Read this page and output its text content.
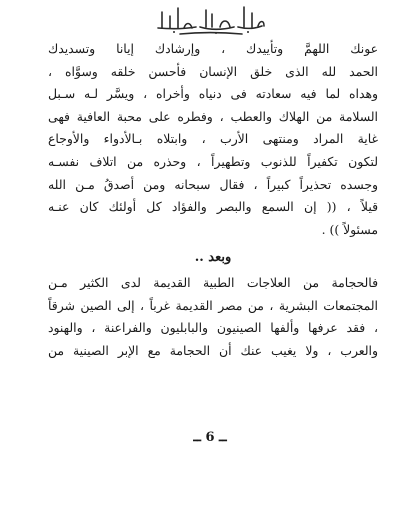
عونك اللهمَّ وتأييدك ، وإرشادك إيانا وتسديدك
الحمد لله الذى خلق الإنسان فأحسن خلقه وسوَّاه ،
وهداه لما فيه سعادته فى دنياه وأخراه ، ويسَّر لـه سـبل
السلامة من الهلاك والعطب ، وفطره على محبة العافية فهى
غاية المراد ومنتهى الأرب ، وابتلاه بـالأدواء والأوجاع
لتكون تكفيراً للذنوب وتطهيراً ، وحذره من اتلاف نفسـه
وجسده تحذيراً كبيراً ، فقال سبحانه ومن أصدقُ مـن الله
قيلاً ، (( إن السمع والبصر والفؤاد كل أولئك كان عنـه
مسئولاً )) .
وبعد ..
فالحجامة من العلاجات الطبية القديمة لدى الكثير مـن
المجتمعات البشرية ، من مصر القديمة غرباً ، إلى الصين شرقاً
، فقد عرفها وألفها الصينيون والبابليون والفراعنة ، والهنود
والعرب ، ولا يغيب عنك أن الحجامة مع الإبر الصينية من
ــ 6 ــ
